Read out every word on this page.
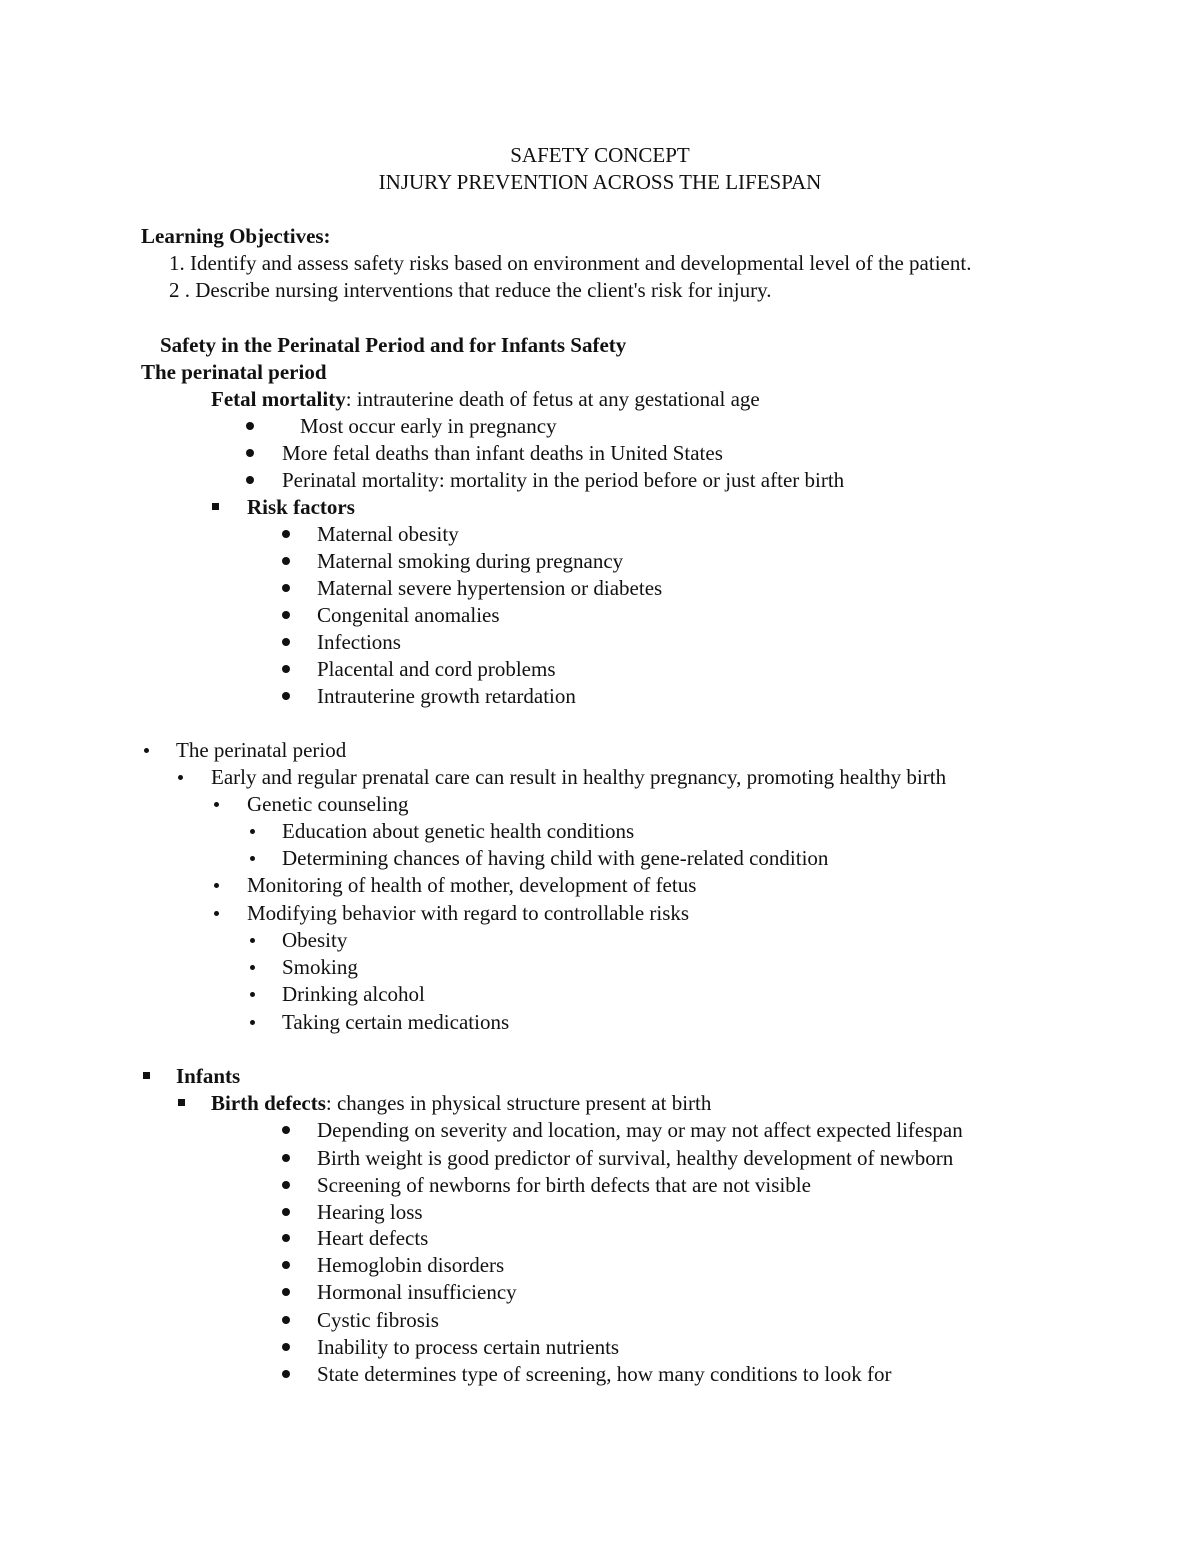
SAFETY CONCEPT
INJURY PREVENTION ACROSS THE LIFESPAN
Learning Objectives:
1. Identify and assess safety risks based on environment and developmental level of the patient.
2 . Describe nursing interventions that reduce the client's risk for injury.
Safety in the Perinatal Period and for Infants Safety
The perinatal period
Fetal mortality: intrauterine death of fetus at any gestational age
Most occur early in pregnancy
More fetal deaths than infant deaths in United States
Perinatal mortality: mortality in the period before or just after birth
Risk factors
Maternal obesity
Maternal smoking during pregnancy
Maternal severe hypertension or diabetes
Congenital anomalies
Infections
Placental and cord problems
Intrauterine growth retardation
The perinatal period
Early and regular prenatal care can result in healthy pregnancy, promoting healthy birth
Genetic counseling
Education about genetic health conditions
Determining chances of having child with gene-related condition
Monitoring of health of mother, development of fetus
Modifying behavior with regard to controllable risks
Obesity
Smoking
Drinking alcohol
Taking certain medications
Infants
Birth defects: changes in physical structure present at birth
Depending on severity and location, may or may not affect expected lifespan
Birth weight is good predictor of survival, healthy development of newborn
Screening of newborns for birth defects that are not visible
Hearing loss
Heart defects
Hemoglobin disorders
Hormonal insufficiency
Cystic fibrosis
Inability to process certain nutrients
State determines type of screening, how many conditions to look for
